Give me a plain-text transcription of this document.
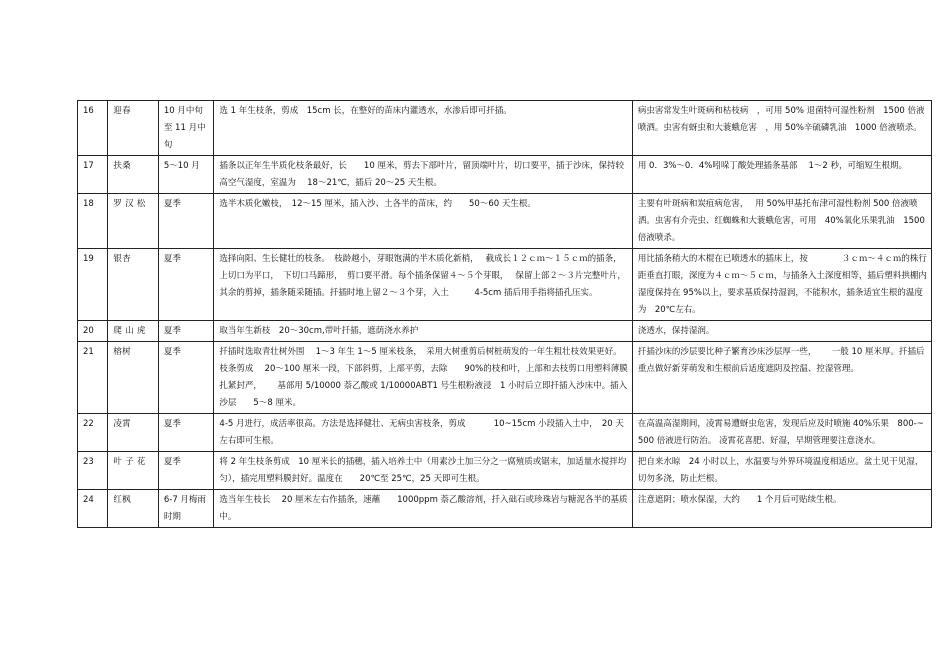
16	迎春	10 月中旬至 11 月中旬	选 1 年生枝条，剪成　15cm 长，在整好的苗床内灌透水，水渗后即可扦插。	病虫害常发生叶斑病和枯枝病　，可用 50% 退菌特可湿性粉剂　1500 倍液喷洒。虫害有蚜虫和大蓑蛾危害　，用 50%辛硫磷乳油　1000 倍液喷杀。
17	扶桑	5～10 月	插条以正年生半质化枝条最好，长　　10 厘米，剪去下部叶片，留顶端叶片，切口要平，插于沙床，保持较高空气湿度，室温为　 18～21℃，插后 20～25 天生根。	用 0．3%～0．4%吲哚丁酸处理插条基部　 1～2 秒，可缩短生根期。
18	罗 汉 松	夏季	选半木质化嫩枝，　12～15 厘米，插入沙、土各半的苗床，约　　50～60 天生根。	主要有叶斑病和炭疽病危害，　 用 50%甲基托布津可湿性粉剂 500 倍液喷洒。虫害有介壳虫、红蜘蛛和大蓑蛾危害，可用　40%氧化乐果乳油　1500 倍液喷杀。
19	银杏	夏季	选择向阳、生长健壮的枝条。　枝龄越小，芽眼饱满的半木质化新梢，　 截成长１２ｃｍ～１５ｃｍ的插条，上切口为平口，　下切口马蹄形，　剪口要平滑。每个插条保留４～５个芽眼，　 保留上部２～３片完整叶片，其余的剪掉，插条随采随插。扦插时地上留２～３个芽，入土　　　4-5cm 插后用手指将插孔压实。	用比插条稍大的木棍在已喷透水的插床上，按　　　　３ｃｍ～４ｃｍ的株行距垂直打眼，深度为４ｃｍ～５ｃｍ，与插条入土深度相等，插后塑料拱棚内湿度保持在 95%以上，要求基质保持湿润，不能积水，插条适宜生根的温度为　20℃左右。
20	爬 山 虎	夏季	取当年生新枝　20～30cm,带叶扦插，遮荫浇水养护	浇透水，保持湿润。
21	榕树	夏季	扦插时选取青壮树外围　 1～3 年生 1～5 厘米枝条，　采用大树重剪后树桩萌发的一年生粗壮枝效果更好。枝条剪成　 20～100 厘米一段，下部斜剪，上部平剪，去除　　90%的枝和叶，上部和去枝剪口用塑料薄膜扎紧封严，　　 基部用 5/10000 萘乙酸或 1/10000ABT1 号生根粉液浸　1 小时后立即扦插入沙床中。插入沙层　　5～8 厘米。	扦插沙床的沙层要比种子繁育沙床沙层厚一些，　　 一般 10 厘米厚。扦插后重点做好新芽萌发和生根前后适度遮阴及控温、控湿管理。
22	凌霄	夏季	4-5 月进行，成活率很高。方法是选择健壮、无病虫害枝条，剪成　　　 10~15cm 小段插入土中，　20 天左右即可生根。	在高温高湿期间，凌霄易遭蚜虫危害，发现后应及时喷施 40%乐果　800-~500 倍液进行防治。 凌霄花喜肥、好湿，早期管理要注意浇水。
23	叶 子 花	夏季	将 2 年生枝条剪成　10 厘米长的插穗，插入培养土中（用素沙土加三分之一腐殖质或锯末，加适量水搅拌均匀），插完用塑料膜封好。温度在　　20℃至 25℃，25 天即可生根。	把自来水晾　24 小时以上，水温要与外界环境温度相适应。盆土见干见湿，切勿多浇，防止烂根。
24	红枫	6-7 月梅雨时期	选当年生枝长　 20 厘米左右作插条，速蘸　　1000ppm 萘乙酸溶剂，扦入础石或珍珠岩与糖泥各半的基质中。	注意遮阴；喷水保湿，大约　　1 个月后可贴续生根。
